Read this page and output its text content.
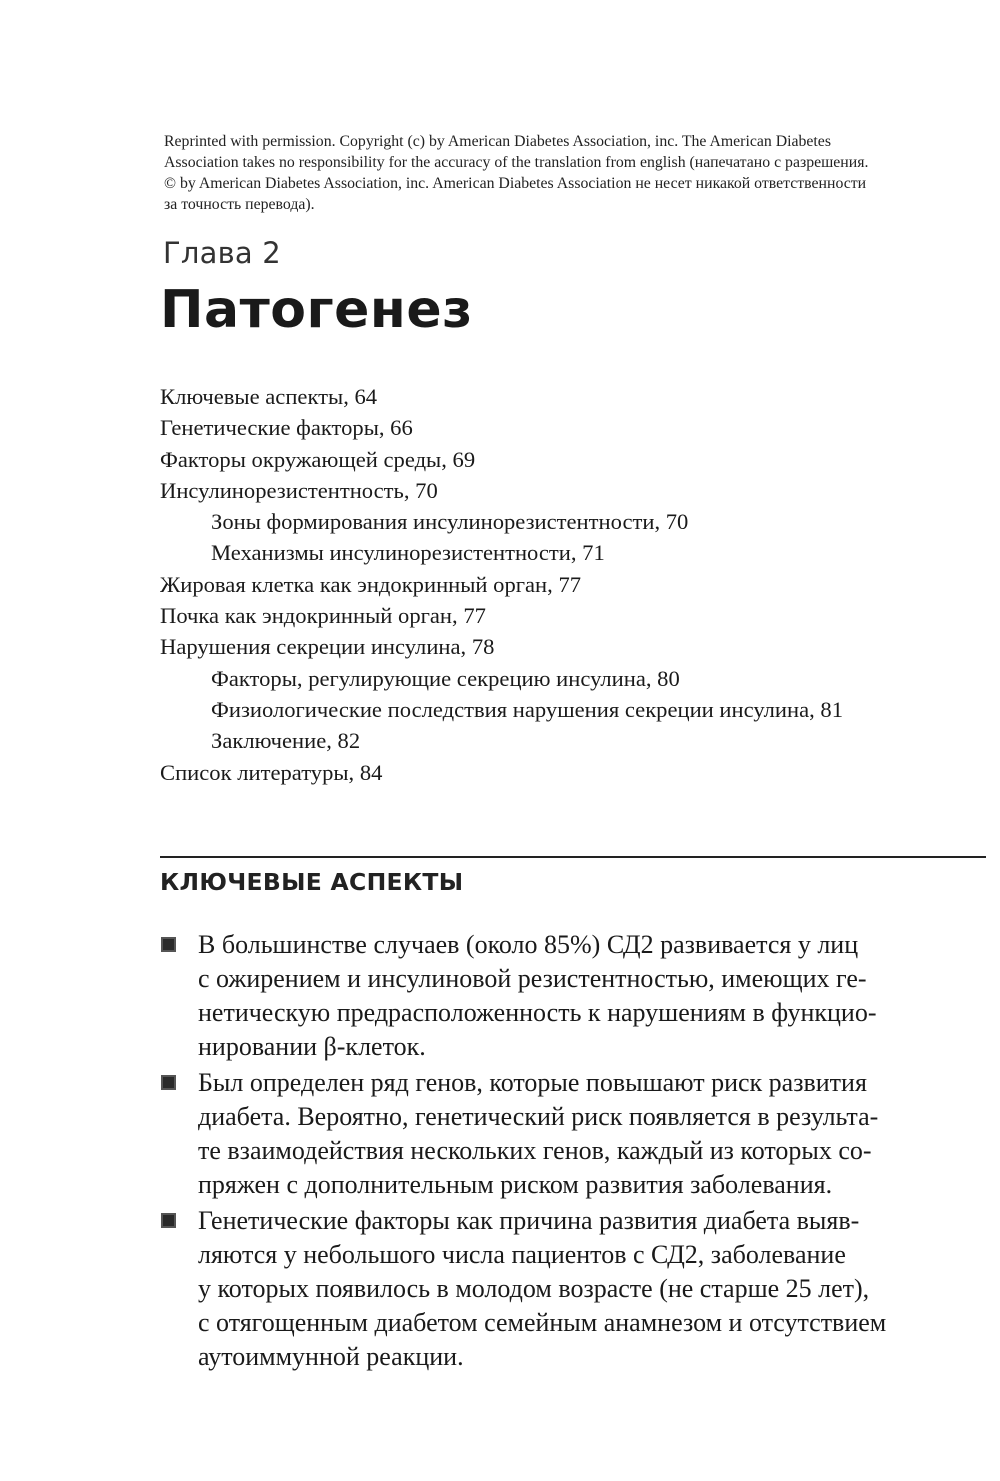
Reprinted with permission. Copyright (c) by American Diabetes Association, inc. The American Diabetes
Association takes no responsibility for the accuracy of the translation from english (напечатано с разрешения.
© by American Diabetes Association, inc. American Diabetes Association не несет никакой ответственности
за точность перевода).
Глава 2
Патогенез
Ключевые аспекты, 64
Генетические факторы, 66
Факторы окружающей среды, 69
Инсулинорезистентность, 70
Зоны формирования инсулинорезистентности, 70
Механизмы инсулинорезистентности, 71
Жировая клетка как эндокринный орган, 77
Почка как эндокринный орган, 77
Нарушения секреции инсулина, 78
Факторы, регулирующие секрецию инсулина, 80
Физиологические последствия нарушения секреции инсулина, 81
Заключение, 82
Список литературы, 84
КЛЮЧЕВЫЕ АСПЕКТЫ
В большинстве случаев (около 85%) СД2 развивается у лиц
с ожирением и инсулиновой резистентностью, имеющих ге-
нетическую предрасположенность к нарушениям в функцио-
нировании β-клеток.
Был определен ряд генов, которые повышают риск развития
диабета. Вероятно, генетический риск появляется в результа-
те взаимодействия нескольких генов, каждый из которых со-
пряжен с дополнительным риском развития заболевания.
Генетические факторы как причина развития диабета выяв-
ляются у небольшого числа пациентов с СД2, заболевание
у которых появилось в молодом возрасте (не старше 25 лет),
с отягощенным диабетом семейным анамнезом и отсутствием
аутоиммунной реакции.
